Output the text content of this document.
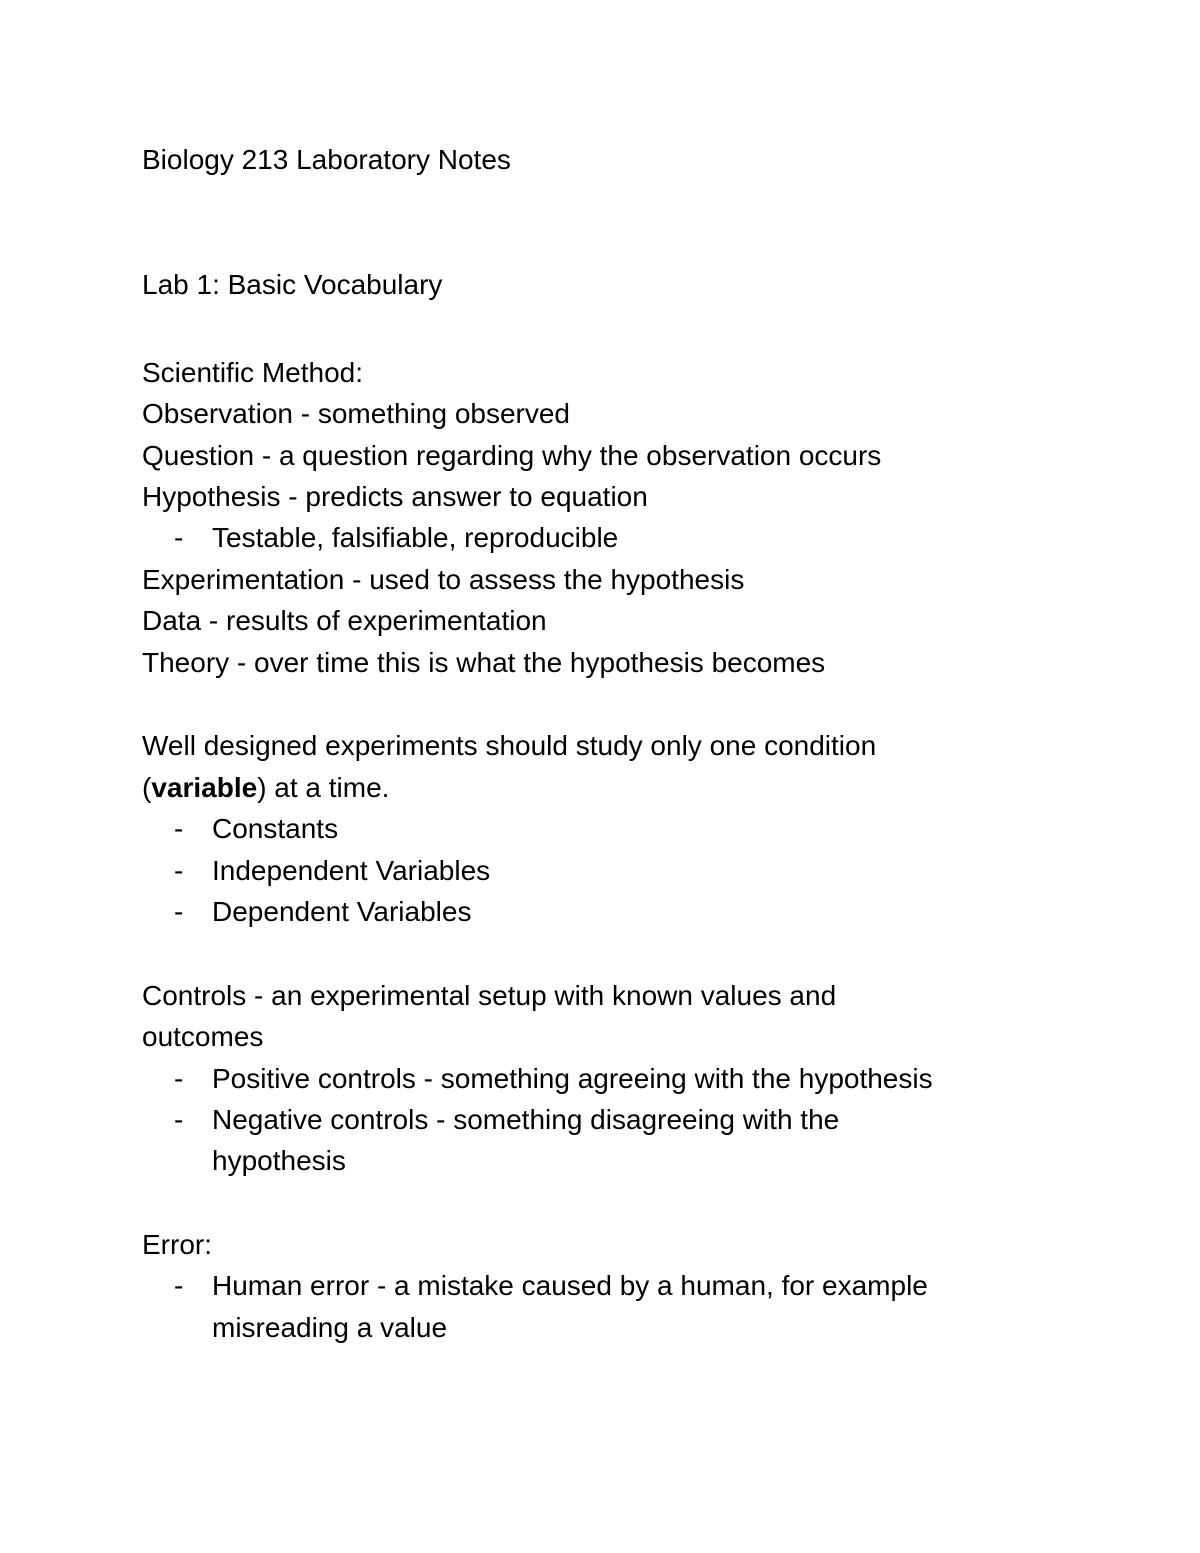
Biology 213 Laboratory Notes
Lab 1: Basic Vocabulary
Scientific Method:
Observation - something observed
Question - a question regarding why the observation occurs
Hypothesis - predicts answer to equation
- Testable, falsifiable, reproducible
Experimentation - used to assess the hypothesis
Data - results of experimentation
Theory - over time this is what the hypothesis becomes
Well designed experiments should study only one condition
(variable) at a time.
- Constants
- Independent Variables
- Dependent Variables
Controls - an experimental setup with known values and
outcomes
- Positive controls - something agreeing with the hypothesis
- Negative controls - something disagreeing with the
hypothesis
Error:
- Human error - a mistake caused by a human, for example
misreading a value
